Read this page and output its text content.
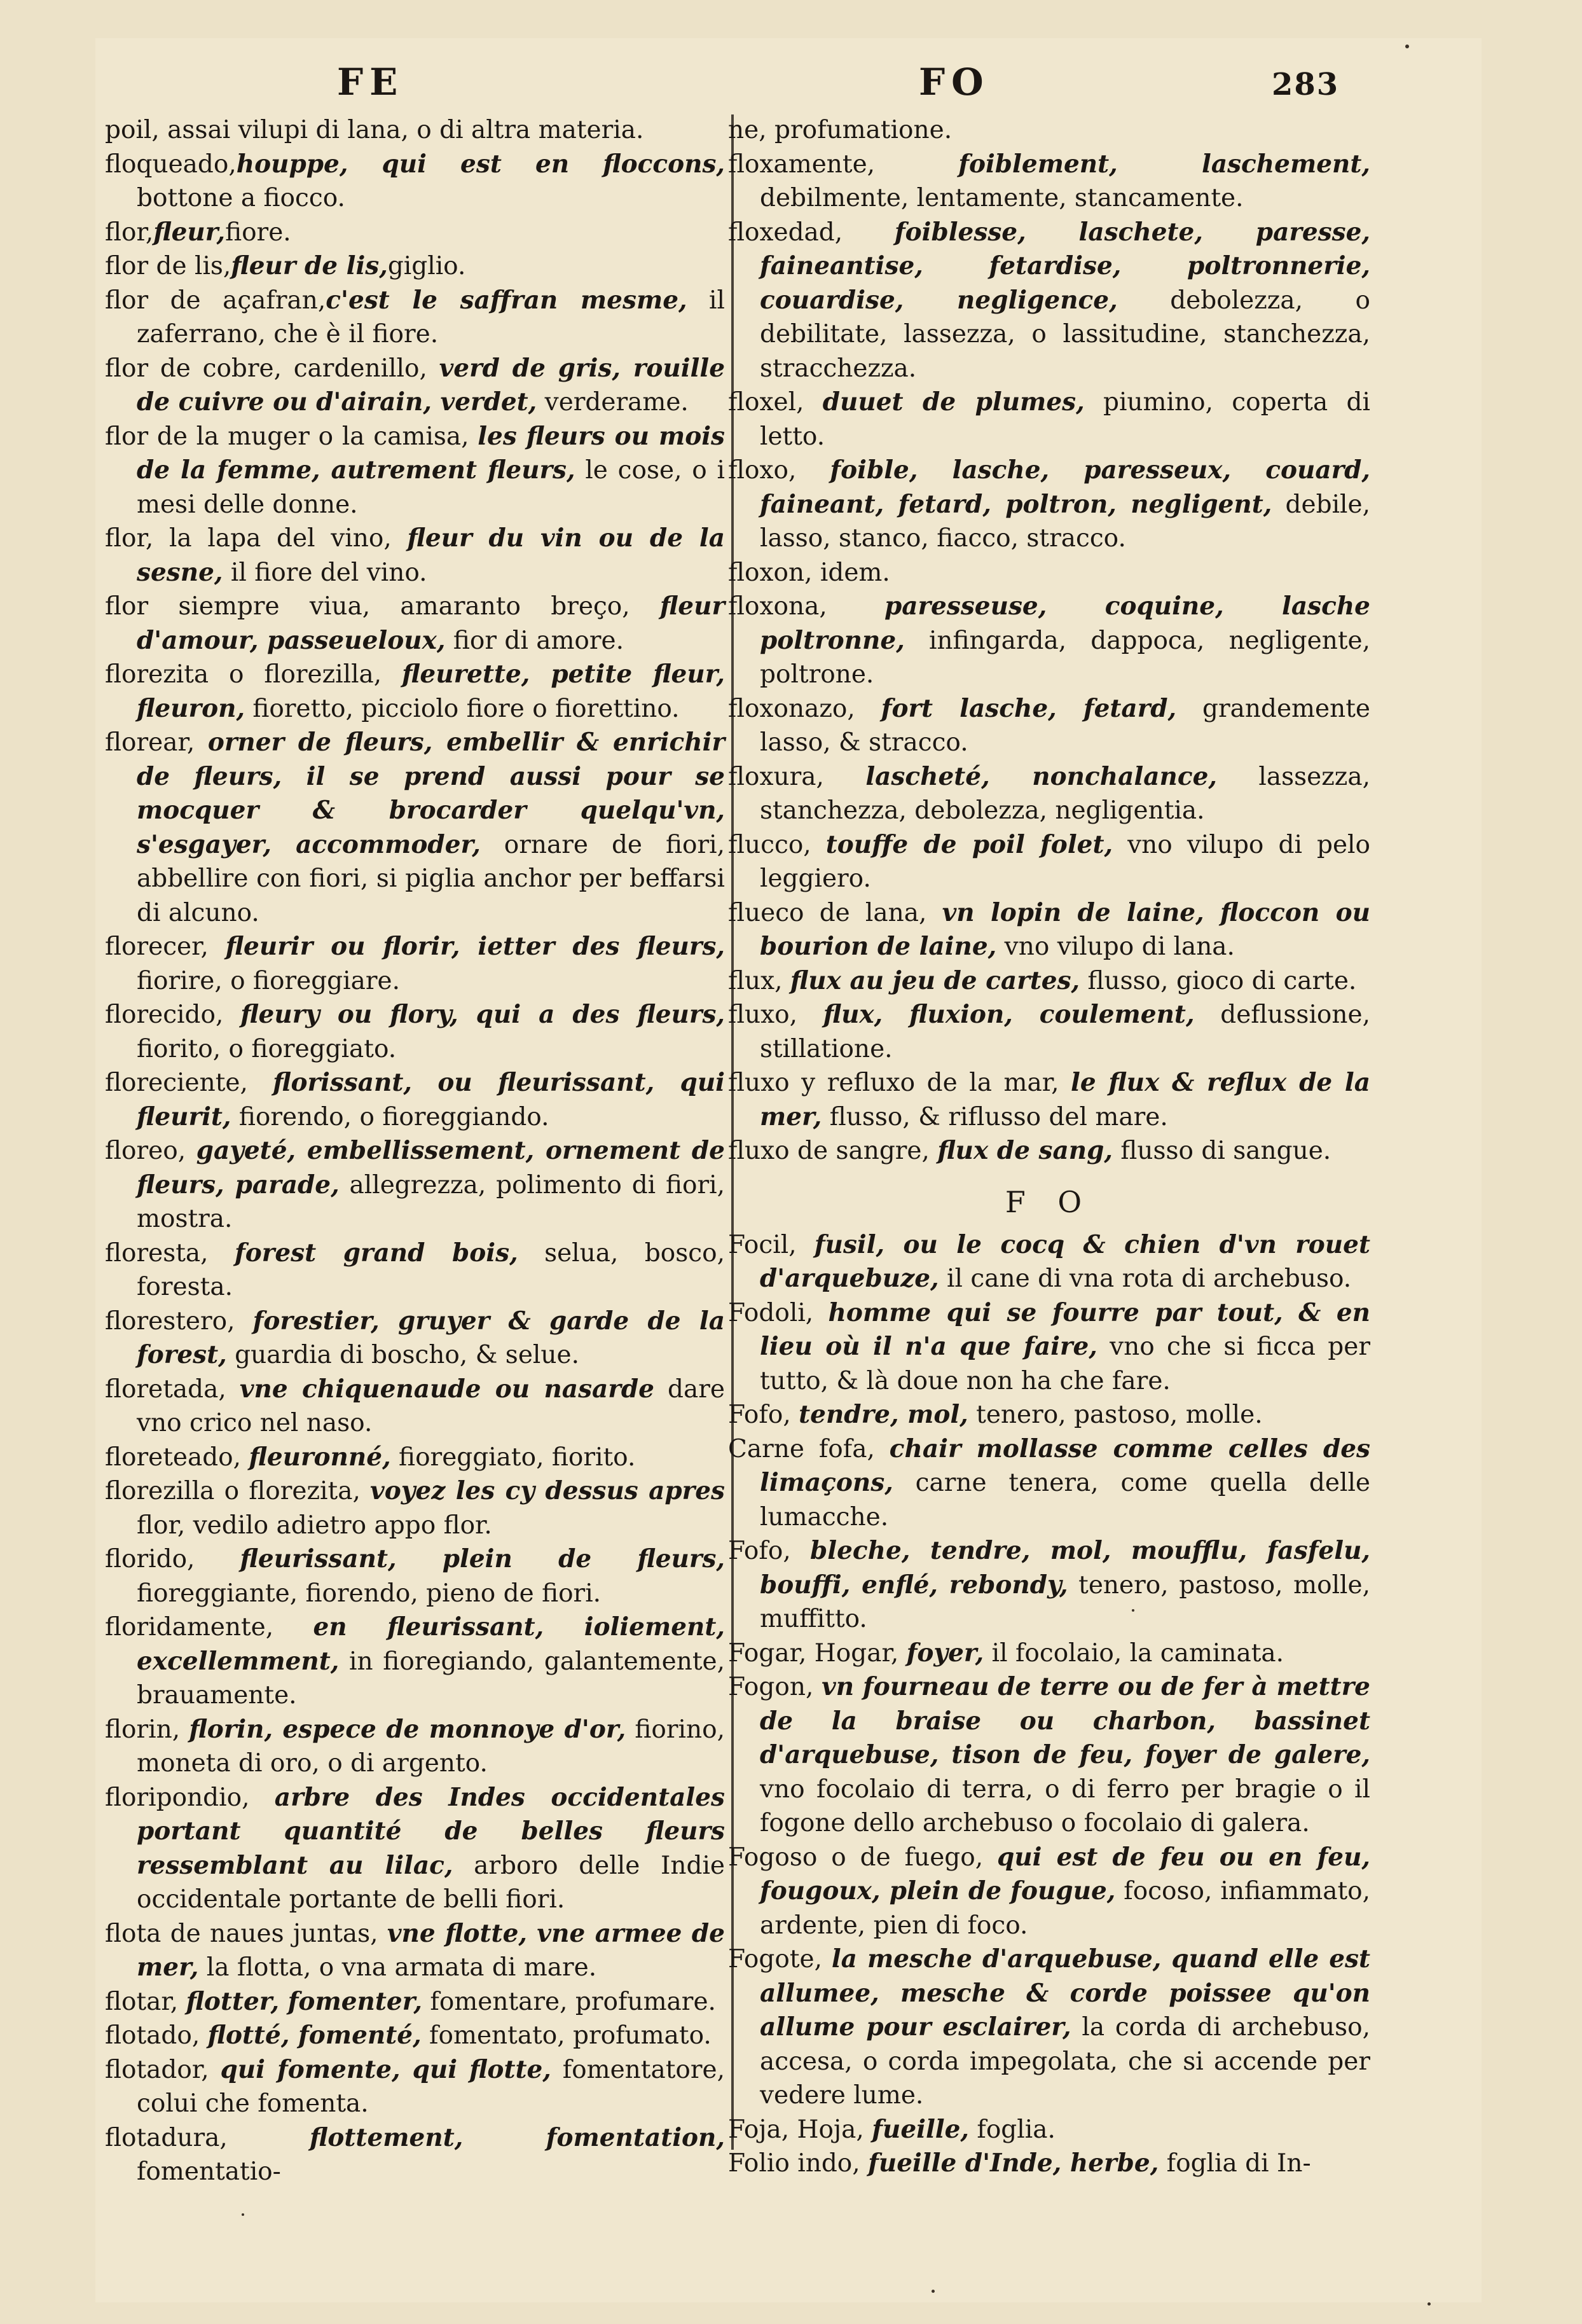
FE	FO	283

poil, assai vilupi di lana, o di altra materia.

floqueado,houppe, qui est en floccons, bottone a fiocco.

flor,fleur,fiore.

flor de lis,fleur de lis,giglio.

flor de açafran,c'est le saffran mesme, il zaferrano, che è il fiore.

flor de cobre, cardenillo, verd de gris, rouille de cuivre ou d'airain, verdet, verderame.

flor de la muger o la camisa, les fleurs ou mois de la femme, autrement fleurs, le cose, o i mesi delle donne.

flor, la lapa del vino, fleur du vin ou de la sesne, il fiore del vino.

flor siempre viua, amaranto breço, fleur d'amour, passeueloux, fior di amore.

florezita o florezilla, fleurette, petite fleur, fleuron, fioretto, picciolo fiore o fiorettino.

florear, orner de fleurs, embellir & enrichir de fleurs, il se prend aussi pour se mocquer & brocarder quelqu'vn, s'esgayer, accommoder, ornare de fiori, abbellire con fiori, si piglia anchor per beffarsi di alcuno.

florecer, fleurir ou florir, ietter des fleurs, fiorire, o fioreggiare.

florecido, fleury ou flory, qui a des fleurs, fiorito, o fioreggiato.

floreciente, florissant, ou fleurissant, qui fleurit, fiorendo, o fioreggiando.

floreo, gayeté, embellissement, ornement de fleurs, parade, allegrezza, polimento di fiori, mostra.

floresta, forest grand bois, selua, bosco, foresta.

florestero, forestier, gruyer & garde de la forest, guardia di boscho, & selue.

floretada, vne chiquenaude ou nasarde dare vno crico nel naso.

floreteado, fleuronné, fioreggiato, fiorito.

florezilla o florezita, voyez les cy dessus apres flor, vedilo adietro appo flor.

florido, fleurissant, plein de fleurs, fioreggiante, fiorendo, pieno de fiori.

floridamente, en fleurissant, ioliement, excellemment, in fioregiando, galantemente, brauamente.

florin, florin, espece de monnoye d'or, fiorino, moneta di oro, o di argento.

floripondio, arbre des Indes occidentales portant quantité de belles fleurs ressemblant au lilac, arboro delle Indie occidentale portante de belli fiori.

flota de naues juntas, vne flotte, vne armee de mer, la flotta, o vna armata di mare.

flotar, flotter, fomenter, fomentare, profumare.

flotado, flotté, fomenté, fomentato, profumato.

flotador, qui fomente, qui flotte, fomentatore, colui che fomenta.

flotadura, flottement, fomentation, fomentatio-

ne, profumatione.

floxamente, foiblement, laschement, debilmente, lentamente, stancamente.

floxedad, foiblesse, laschete, paresse, faineantise, fetardise, poltronnerie, couardise, negligence, debolezza, o debilitate, lassezza, o lassitudine, stanchezza, stracchezza.

floxel, duuet de plumes, piumino, coperta di letto.

floxo, foible, lasche, paresseux, couard, faineant, fetard, poltron, negligent, debile, lasso, stanco, fiacco, stracco.

floxon, idem.

floxona, paresseuse, coquine, lasche poltronne, infingarda, dappoca, negligente, poltrone.

floxonazo, fort lasche, fetard, grandemente lasso, & stracco.

floxura, lascheté, nonchalance, lassezza, stanchezza, debolezza, negligentia.

flucco, touffe de poil folet, vno vilupo di pelo leggiero.

flueco de lana, vn lopin de laine, floccon ou bourion de laine, vno vilupo di lana.

flux, flux au jeu de cartes, flusso, gioco di carte.

fluxo, flux, fluxion, coulement, deflussione, stillatione.

fluxo y refluxo de la mar, le flux & reflux de la mer, flusso, & riflusso del mare.

fluxo de sangre, flux de sang, flusso di sangue.

F O

Focil, fusil, ou le cocq & chien d'vn rouet d'arquebuze, il cane di vna rota di archebuso.

Fodoli, homme qui se fourre par tout, & en lieu où il n'a que faire, vno che si ficca per tutto, & là doue non ha che fare.

Fofo, tendre, mol, tenero, pastoso, molle.

Carne fofa, chair mollasse comme celles des limaçons, carne tenera, come quella delle lumacche.

Fofo, bleche, tendre, mol, moufflu, fasfelu, bouffi, enflé, rebondy, tenero, pastoso, molle, muffitto.

Fogar, Hogar, foyer, il focolaio, la caminata.

Fogon, vn fourneau de terre ou de fer à mettre de la braise ou charbon, bassinet d'arquebuse, tison de feu, foyer de galere, vno focolaio di terra, o di ferro per bragie o il fogone dello archebuso o focolaio di galera.

Fogoso o de fuego, qui est de feu ou en feu, fougoux, plein de fougue, focoso, infiammato, ardente, pien di foco.

Fogote, la mesche d'arquebuse, quand elle est allumee, mesche & corde poissee qu'on allume pour esclairer, la corda di archebuso, accesa, o corda impegolata, che si accende per vedere lume.

Foja, Hoja, fueille, foglia.

Folio indo, fueille d'Inde, herbe, foglia di In-
